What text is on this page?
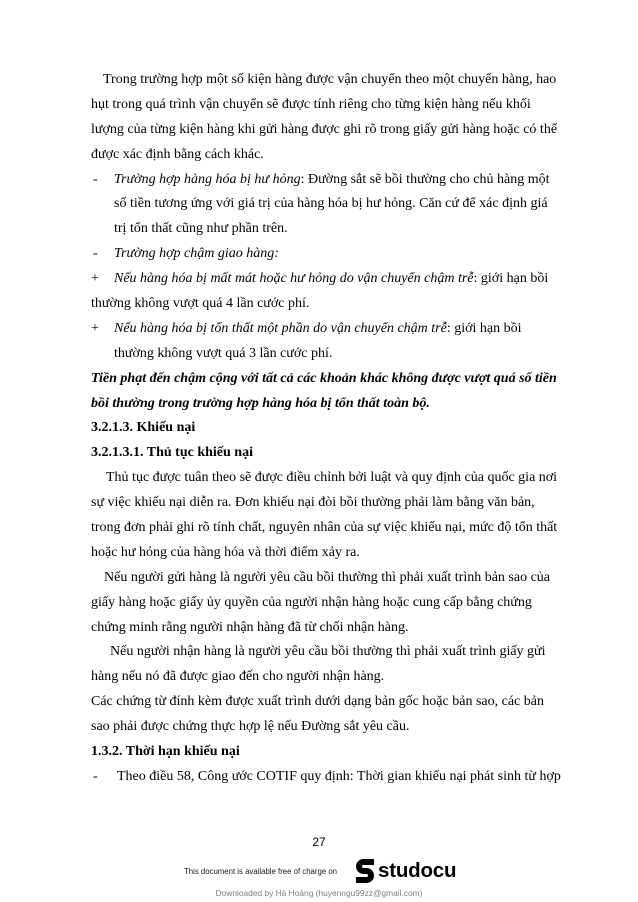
Trong trường hợp một số kiện hàng được vận chuyển theo một chuyến hàng, hao
hụt trong quá trình vận chuyển sẽ được tính riêng cho từng kiện hàng nếu khối
lượng của từng kiện hàng khi gửi hàng được ghi rõ trong giấy gửi hàng hoặc có thể
được xác định bằng cách khác.
- Trường hợp hàng hóa bị hư hỏng: Đường sắt sẽ bồi thường cho chủ hàng một
số tiền tương ứng với giá trị của hàng hóa bị hư hỏng. Căn cứ để xác định giá
trị tổn thất cũng như phần trên.
- Trường hợp chậm giao hàng:
+ Nếu hàng hóa bị mất mát hoặc hư hỏng do vận chuyển chậm trễ: giới hạn bồi
thường không vượt quá 4 lần cước phí.
+ Nếu hàng hóa bị tổn thất một phần do vận chuyển chậm trễ: giới hạn bồi
thường không vượt quá 3 lần cước phí.
Tiền phạt đến chậm cộng với tất cả các khoản khác không được vượt quá số tiền
bồi thường trong trường hợp hàng hóa bị tổn thất toàn bộ.
3.2.1.3. Khiếu nại
3.2.1.3.1. Thủ tục khiếu nại
Thủ tục được tuân theo sẽ được điều chỉnh bởi luật và quy định của quốc gia nơi
sự việc khiếu nại diễn ra. Đơn khiếu nại đòi bồi thường phải làm bằng văn bản,
trong đơn phải ghi rõ tính chất, nguyên nhân của sự việc khiếu nại, mức độ tổn thất
hoặc hư hỏng của hàng hóa và thời điểm xảy ra.
Nếu người gửi hàng là người yêu cầu bồi thường thì phải xuất trình bản sao của
giấy hàng hoặc giấy ủy quyền của người nhận hàng hoặc cung cấp bằng chứng
chứng minh rằng người nhận hàng đã từ chối nhận hàng.
Nếu người nhận hàng là người yêu cầu bồi thường thì phải xuất trình giấy gửi
hàng nếu nó đã được giao đến cho người nhận hàng.
Các chứng từ đính kèm được xuất trình dưới dạng bản gốc hoặc bản sao, các bản
sao phải được chứng thực hợp lệ nếu Đường sắt yêu cầu.
1.3.2. Thời hạn khiếu nại
- Theo điều 58, Công ước COTIF quy định: Thời gian khiếu nại phát sinh từ hợp
27
This document is available free of charge on studocu
Downloaded by Hà Hoàng (huyenngu99zz@gmail.com)
